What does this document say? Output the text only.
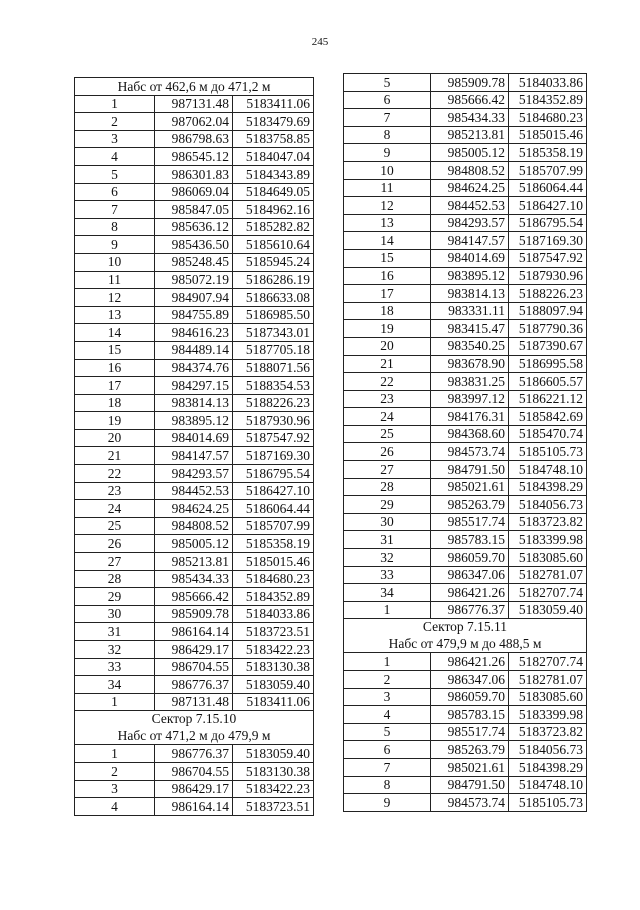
245
Набс от 462,6 м до 471,2 м		
1	987131.48	5183411.06
2	987062.04	5183479.69
3	986798.63	5183758.85
4	986545.12	5184047.04
5	986301.83	5184343.89
6	986069.04	5184649.05
7	985847.05	5184962.16
8	985636.12	5185282.82
9	985436.50	5185610.64
10	985248.45	5185945.24
11	985072.19	5186286.19
12	984907.94	5186633.08
13	984755.89	5186985.50
14	984616.23	5187343.01
15	984489.14	5187705.18
16	984374.76	5188071.56
17	984297.15	5188354.53
18	983814.13	5188226.23
19	983895.12	5187930.96
20	984014.69	5187547.92
21	984147.57	5187169.30
22	984293.57	5186795.54
23	984452.53	5186427.10
24	984624.25	5186064.44
25	984808.52	5185707.99
26	985005.12	5185358.19
27	985213.81	5185015.46
28	985434.33	5184680.23
29	985666.42	5184352.89
30	985909.78	5184033.86
31	986164.14	5183723.51
32	986429.17	5183422.23
33	986704.55	5183130.38
34	986776.37	5183059.40
1	987131.48	5183411.06

Сектор 7.15.10
Набс от 471,2 м до 479,9 м		

1	986776.37	5183059.40
2	986704.55	5183130.38
3	986429.17	5183422.23
4	986164.14	5183723.51
5	985909.78	5184033.86
6	985666.42	5184352.89
7	985434.33	5184680.23
8	985213.81	5185015.46
9	985005.12	5185358.19
10	984808.52	5185707.99
11	984624.25	5186064.44
12	984452.53	5186427.10
13	984293.57	5186795.54
14	984147.57	5187169.30
15	984014.69	5187547.92
16	983895.12	5187930.96
17	983814.13	5188226.23
18	983331.11	5188097.94
19	983415.47	5187790.36
20	983540.25	5187390.67
21	983678.90	5186995.58
22	983831.25	5186605.57
23	983997.12	5186221.12
24	984176.31	5185842.69
25	984368.60	5185470.74
26	984573.74	5185105.73
27	984791.50	5184748.10
28	985021.61	5184398.29
29	985263.79	5184056.73
30	985517.74	5183723.82
31	985783.15	5183399.98
32	986059.70	5183085.60
33	986347.06	5182781.07
34	986421.26	5182707.74
1	986776.37	5183059.40

Сектор 7.15.11
Набс от 479,9 м до 488,5 м		

1	986421.26	5182707.74
2	986347.06	5182781.07
3	986059.70	5183085.60
4	985783.15	5183399.98
5	985517.74	5183723.82
6	985263.79	5184056.73
7	985021.61	5184398.29
8	984791.50	5184748.10
9	984573.74	5185105.73
